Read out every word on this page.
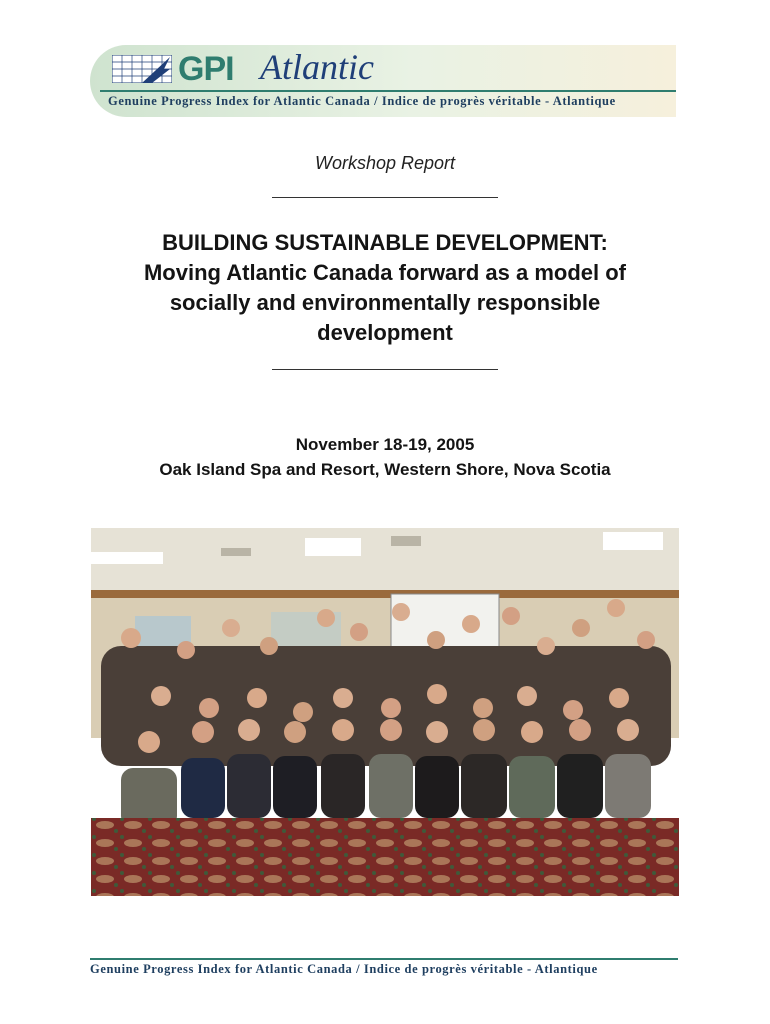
GPI Atlantic
Genuine Progress Index for Atlantic Canada / Indice de progrès véritable - Atlantique
Workshop Report
BUILDING SUSTAINABLE DEVELOPMENT:
Moving Atlantic Canada forward as a model of
socially and environmentally responsible
development
November 18-19, 2005
Oak Island Spa and Resort, Western Shore, Nova Scotia
Genuine Progress Index for Atlantic Canada / Indice de progrès véritable - Atlantique
